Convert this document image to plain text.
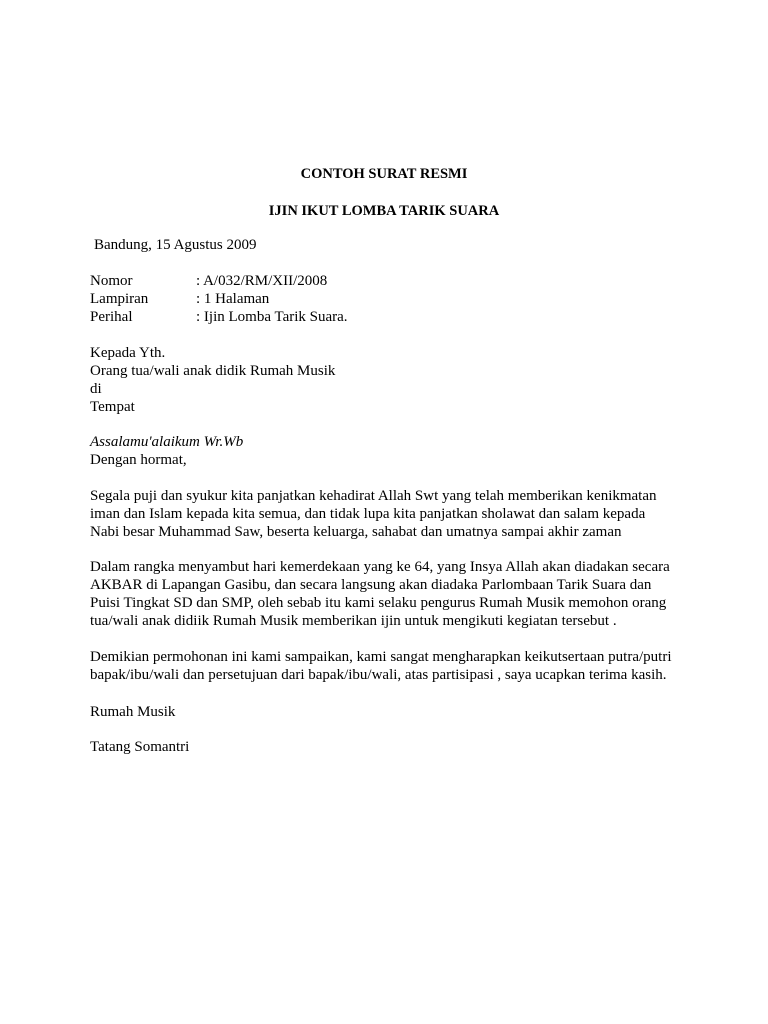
CONTOH SURAT RESMI
IJIN IKUT LOMBA TARIK SUARA
Bandung, 15 Agustus 2009
Nomor	: A/032/RM/XII/2008
Lampiran	: 1 Halaman
Perihal	: Ijin Lomba Tarik Suara.
Kepada Yth.
Orang tua/wali anak didik Rumah Musik
di
Tempat
Assalamu'alaikum Wr.Wb
Dengan hormat,
Segala puji dan syukur kita panjatkan kehadirat Allah Swt yang telah memberikan kenikmatan
iman dan Islam kepada kita semua, dan tidak lupa kita panjatkan sholawat dan salam kepada
Nabi besar Muhammad Saw, beserta keluarga, sahabat dan umatnya sampai akhir zaman
Dalam rangka menyambut hari kemerdekaan yang ke 64, yang Insya Allah akan diadakan secara
AKBAR di Lapangan Gasibu, dan secara langsung akan diadaka Parlombaan Tarik Suara dan
Puisi Tingkat SD dan SMP, oleh sebab itu kami selaku pengurus Rumah Musik memohon orang
tua/wali anak didiik Rumah Musik memberikan ijin untuk mengikuti kegiatan tersebut .
Demikian permohonan ini kami sampaikan, kami sangat mengharapkan keikutsertaan putra/putri
bapak/ibu/wali dan persetujuan dari bapak/ibu/wali, atas partisipasi , saya ucapkan terima kasih.
Rumah Musik
Tatang Somantri
